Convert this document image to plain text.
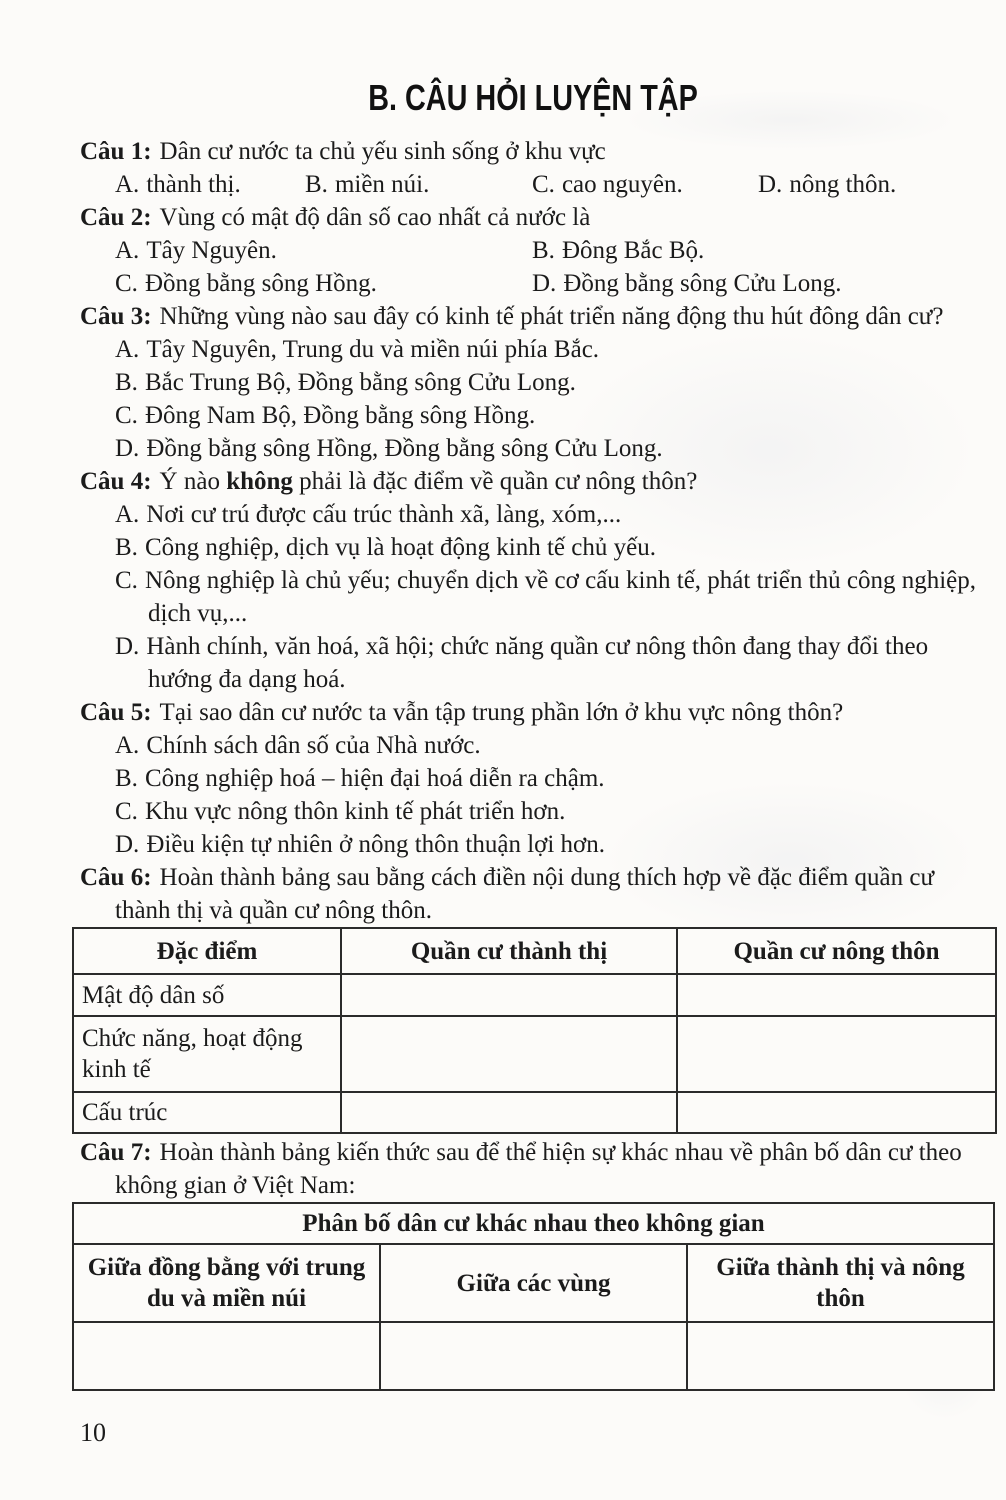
B. CÂU HỎI LUYỆN TẬP

Câu 1: Dân cư nước ta chủ yếu sinh sống ở khu vực

A. thành thị.	B. miền núi.	C. cao nguyên.	D. nông thôn.

Câu 2: Vùng có mật độ dân số cao nhất cả nước là

A. Tây Nguyên.	B. Đông Bắc Bộ.

C. Đồng bằng sông Hồng.	D. Đồng bằng sông Cửu Long.

Câu 3: Những vùng nào sau đây có kinh tế phát triển năng động thu hút đông dân cư?

A. Tây Nguyên, Trung du và miền núi phía Bắc.

B. Bắc Trung Bộ, Đồng bằng sông Cửu Long.

C. Đông Nam Bộ, Đồng bằng sông Hồng.

D. Đồng bằng sông Hồng, Đồng bằng sông Cửu Long.

Câu 4: Ý nào không phải là đặc điểm về quần cư nông thôn?

A. Nơi cư trú được cấu trúc thành xã, làng, xóm,...

B. Công nghiệp, dịch vụ là hoạt động kinh tế chủ yếu.

C. Nông nghiệp là chủ yếu; chuyển dịch về cơ cấu kinh tế, phát triển thủ công nghiệp, dịch vụ,...

D. Hành chính, văn hoá, xã hội; chức năng quần cư nông thôn đang thay đổi theo hướng đa dạng hoá.

Câu 5: Tại sao dân cư nước ta vẫn tập trung phần lớn ở khu vực nông thôn?

A. Chính sách dân số của Nhà nước.

B. Công nghiệp hoá – hiện đại hoá diễn ra chậm.

C. Khu vực nông thôn kinh tế phát triển hơn.

D. Điều kiện tự nhiên ở nông thôn thuận lợi hơn.

Câu 6: Hoàn thành bảng sau bằng cách điền nội dung thích hợp về đặc điểm quần cư thành thị và quần cư nông thôn.

Đặc điểm	Quần cư thành thị	Quần cư nông thôn
Mật độ dân số		
Chức năng, hoạt động kinh tế		
Cấu trúc		

Câu 7: Hoàn thành bảng kiến thức sau để thể hiện sự khác nhau về phân bố dân cư theo không gian ở Việt Nam:

Phân bố dân cư khác nhau theo không gian		
Giữa đồng bằng với trung du và miền núi	Giữa các vùng	Giữa thành thị và nông thôn

10
